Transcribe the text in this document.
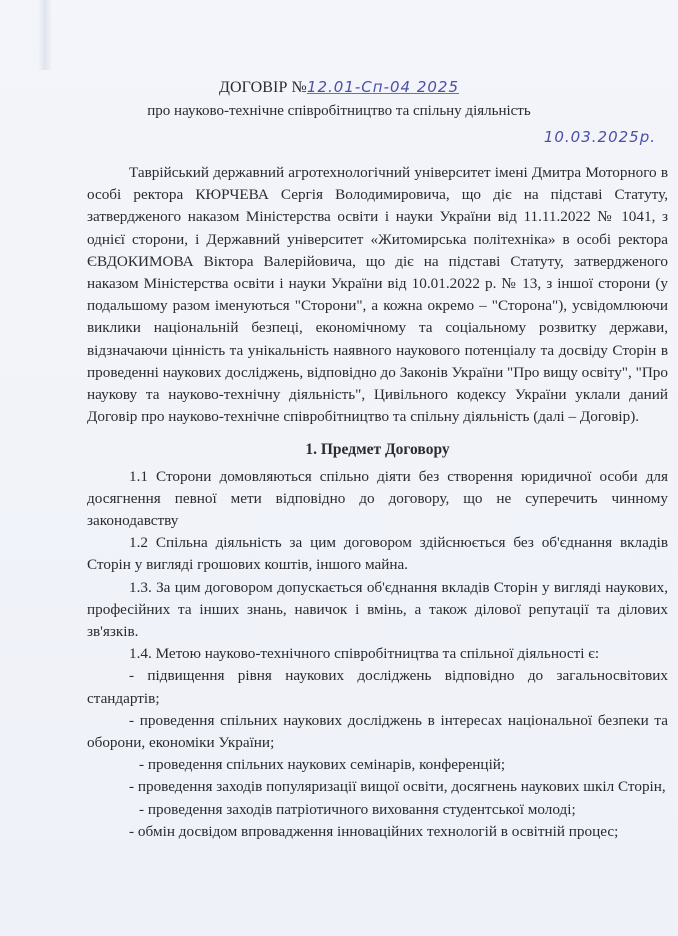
ДОГОВІР №12.01-Сп-04 2025
про науково-технічне співробітництво та спільну діяльність
10.03.2025р.

Таврійський державний агротехнологічний університет імені Дмитра Моторного в особі ректора КЮРЧЕВА Сергія Володимировича, що діє на підставі Статуту, затвердженого наказом Міністерства освіти і науки України від 11.11.2022 № 1041, з однієї сторони, і Державний університет «Житомирська політехніка» в особі ректора ЄВДОКИМОВА Віктора Валерійовича, що діє на підставі Статуту, затвердженого наказом Міністерства освіти і науки України від 10.01.2022 р. № 13, з іншої сторони (у подальшому разом іменуються "Сторони", а кожна окремо – "Сторона"), усвідомлюючи виклики національній безпеці, економічному та соціальному розвитку держави, відзначаючи цінність та унікальність наявного наукового потенціалу та досвіду Сторін в проведенні наукових досліджень, відповідно до Законів України "Про вищу освіту", "Про наукову та науково-технічну діяльність", Цивільного кодексу України уклали даний Договір про науково-технічне співробітництво та спільну діяльність (далі – Договір).

1. Предмет Договору

1.1 Сторони домовляються спільно діяти без створення юридичної особи для досягнення певної мети відповідно до договору, що не суперечить чинному законодавству

1.2 Спільна діяльність за цим договором здійснюється без об'єднання вкладів Сторін у вигляді грошових коштів, іншого майна.

1.3. За цим договором допускається об'єднання вкладів Сторін у вигляді наукових, професійних та інших знань, навичок і вмінь, а також ділової репутації та ділових зв'язків.

1.4. Метою науково-технічного співробітництва та спільної діяльності є:

- підвищення рівня наукових досліджень відповідно до загальносвітових стандартів;

- проведення спільних наукових досліджень в інтересах національної безпеки та оборони, економіки України;

- проведення спільних наукових семінарів, конференцій;

- проведення заходів популяризації вищої освіти, досягнень наукових шкіл Сторін,

- проведення заходів патріотичного виховання студентської молоді;

- обмін досвідом впровадження інноваційних технологій в освітній процес;
